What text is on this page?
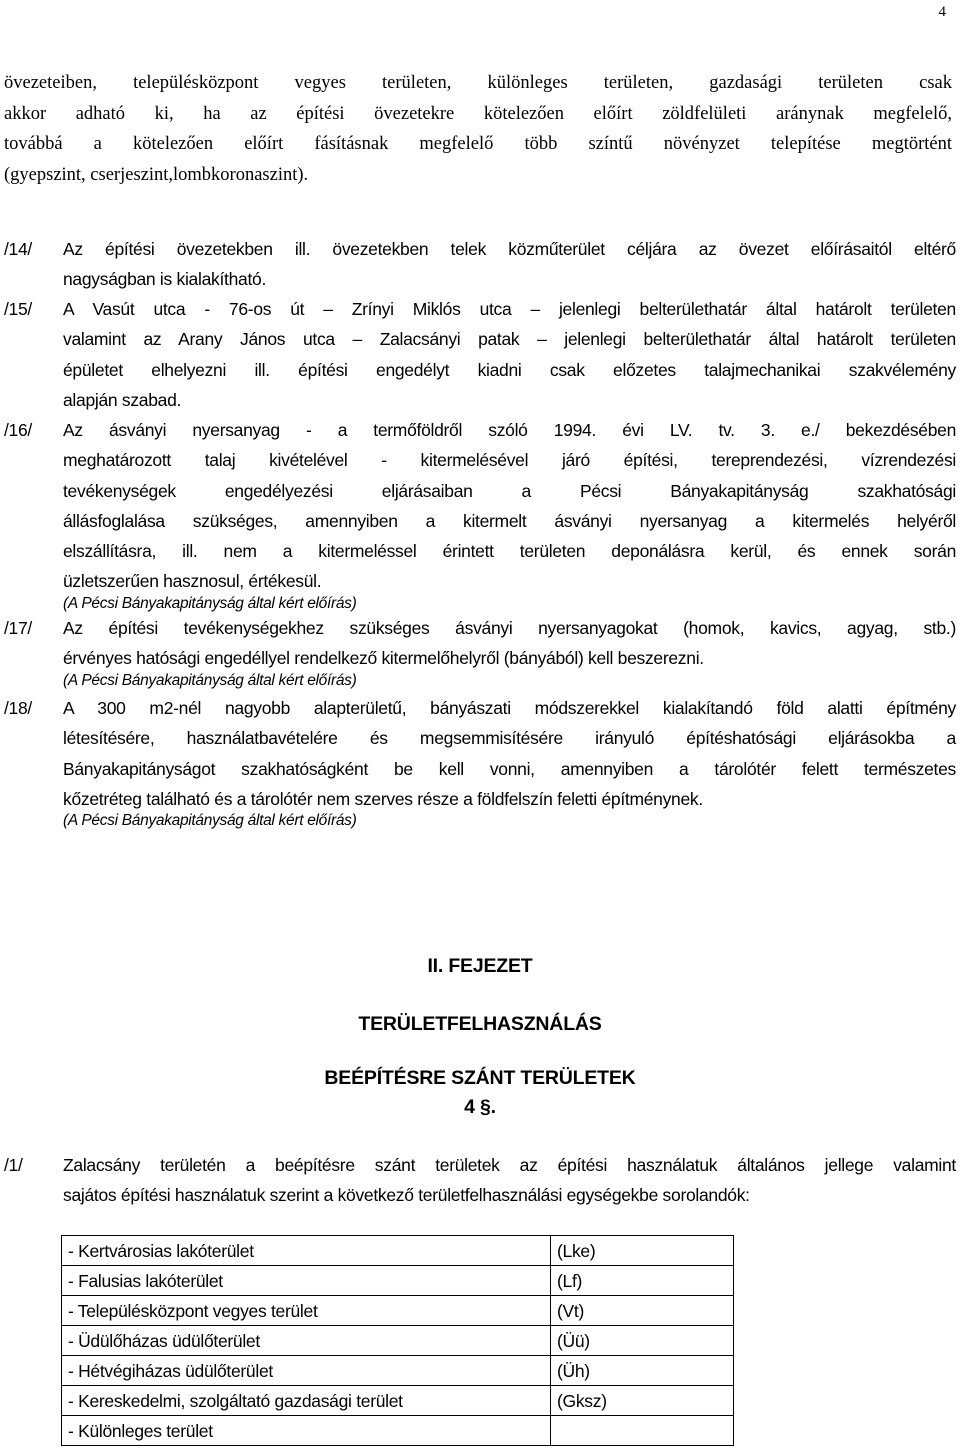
4
övezeteiben, településközpont vegyes területen, különleges területen, gazdasági területen csak
akkor adható ki, ha az építési övezetekre kötelezően előírt zöldfelületi aránynak megfelelő,
továbbá a kötelezően előírt fásításnak megfelelő több színtű növényzet telepítése megtörtént
(gyepszint, cserjeszint,lombkoronaszint).
/14/ Az építési övezetekben ill. övezetekben telek közműterület céljára az övezet előírásaitól eltérő
nagyságban is kialakítható.
/15/ A Vasút utca - 76-os út – Zrínyi Miklós utca – jelenlegi belterülethatár által határolt területen
valamint az Arany János utca – Zalacsányi patak – jelenlegi belterülethatár által határolt területen
épületet elhelyezni ill. építési engedélyt kiadni csak előzetes talajmechanikai szakvélemény
alapján szabad.
/16/ Az ásványi nyersanyag - a termőföldről szóló 1994. évi LV. tv. 3. e./ bekezdésében
meghatározott talaj kivételével - kitermelésével járó építési, tereprendezési, vízrendezési
tevékenységek engedélyezési eljárásaiban a Pécsi Bányakapitányság szakhatósági
állásfoglalása szükséges, amennyiben a kitermelt ásványi nyersanyag a kitermelés helyéről
elszállításra, ill. nem a kitermeléssel érintett területen deponálásra kerül, és ennek során
üzletszerűen hasznosul, értékesül.
(A Pécsi Bányakapitányság által kért előírás)
/17/ Az építési tevékenységekhez szükséges ásványi nyersanyagokat (homok, kavics, agyag, stb.)
érvényes hatósági engedéllyel rendelkező kitermelőhelyről (bányából) kell beszerezni.
(A Pécsi Bányakapitányság által kért előírás)
/18/ A 300 m2-nél nagyobb alapterületű, bányászati módszerekkel kialakítandó föld alatti építmény
létesítésére, használatbavételére és megsemmisítésére irányuló építéshatósági eljárásokba a
Bányakapitányságot szakhatóságként be kell vonni, amennyiben a tárolótér felett természetes
kőzetréteg található és a tárolótér nem szerves része a földfelszín feletti építménynek.
(A Pécsi Bányakapitányság által kért előírás)
II. FEJEZET
TERÜLETFELHASZNÁLÁS
BEÉPÍTÉSRE SZÁNT TERÜLETEK
4 §.
/1/ Zalacsány területén a beépítésre szánt területek az építési használatuk általános jellege valamint
sajátos építési használatuk szerint a következő területfelhasználási egységekbe sorolandók:
- Kertvárosias lakóterület	(Lke)
- Falusias lakóterület	(Lf)
- Településközpont vegyes terület	(Vt)
- Üdülőházas üdülőterület	(Üü)
- Hétvégiházas üdülőterület	(Üh)
- Kereskedelmi, szolgáltató gazdasági terület	(Gksz)
- Különleges terület	
